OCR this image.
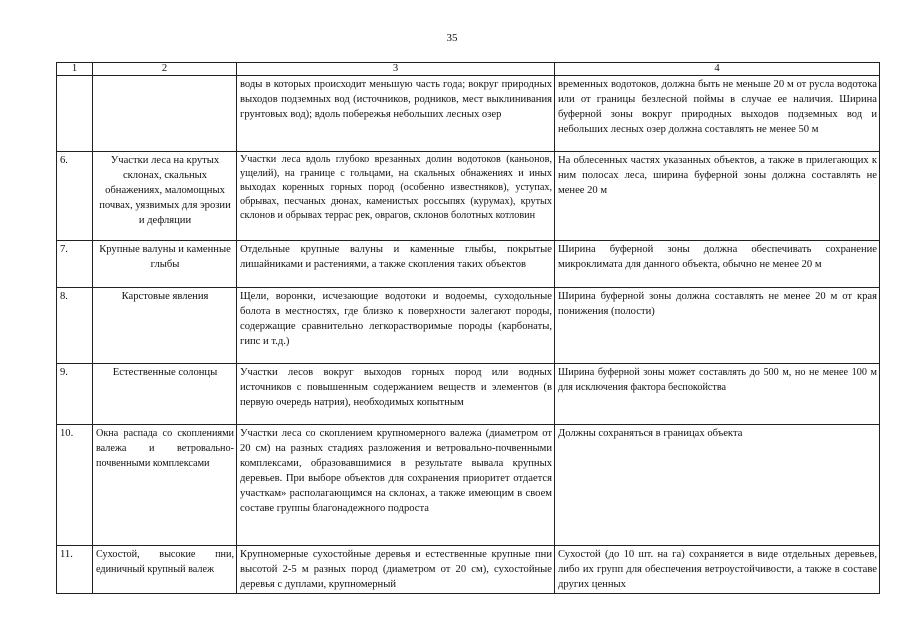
35
1	2	3	4
		воды в которых происходит меньшую часть года; вокруг природных выходов подземных вод (источников, родников, мест выклинивания грунтовых вод); вдоль побережья небольших лесных озер	временных водотоков, должна быть не меньше 20 м от русла водотока или от границы безлесной поймы в случае ее наличия. Ширина буферной зоны вокруг природных выходов подземных вод и небольших лесных озер должна составлять не менее 50 м
6.	Участки леса на крутых склонах, скальных обнажениях, маломощных почвах, уязвимых для эрозии и дефляции	Участки леса вдоль глубоко врезанных долин водотоков (каньонов, ущелий), на границе с гольцами, на скальных обнажениях и иных выходах коренных горных пород (особенно известняков), уступах, обрывах, песчаных дюнах, каменистых россыпях (курумах), крутых склонов и обрывах террас рек, оврагов, склонов болотных котловин	На облесенных частях указанных объектов, а также в прилегающих к ним полосах леса, ширина буферной зоны должна составлять не менее 20 м
7.	Крупные валуны и каменные глыбы	Отдельные крупные валуны и каменные глыбы, покрытые лишайниками и растениями, а также скопления таких объектов	Ширина буферной зоны должна обеспечивать сохранение микроклимата для данного объекта, обычно не менее 20 м
8.	Карстовые явления	Щели, воронки, исчезающие водотоки и водоемы, суходольные болота в местностях, где близко к поверхности залегают породы, содержащие сравнительно легкорастворимые породы (карбонаты, гипс и т.д.)	Ширина буферной зоны должна составлять не менее 20 м от края понижения (полости)
9.	Естественные солонцы	Участки лесов вокруг выходов горных пород или водных источников с повышенным содержанием веществ и элементов (в первую очередь натрия), необходимых копытным	Ширина буферной зоны может составлять до 500 м, но не менее 100 м для исключения фактора беспокойства
10.	Окна распада со скоплениями валежа и ветровально- почвенными комплексами	Участки леса со скоплением крупномерного валежа (диаметром от 20 см) на разных стадиях разложения и ветровально-почвенными комплексами, образовавшимися в результате вывала крупных деревьев. При выборе объектов для сохранения приоритет отдается участкам» располагающимся на склонах, а также имеющим в своем составе группы благонадежного подроста	Должны сохраняться в границах объекта
11.	Сухостой, высокие пни, единичный крупный валеж	Крупномерные сухостойные деревья и естественные крупные пни высотой 2-5 м разных пород (диаметром от 20 см), сухостойные деревья с дуплами, крупномерный	Сухостой (до 10 шт. на га) сохраняется в виде отдельных деревьев, либо их групп для обеспечения ветроустойчивости, а также в составе других ценных
